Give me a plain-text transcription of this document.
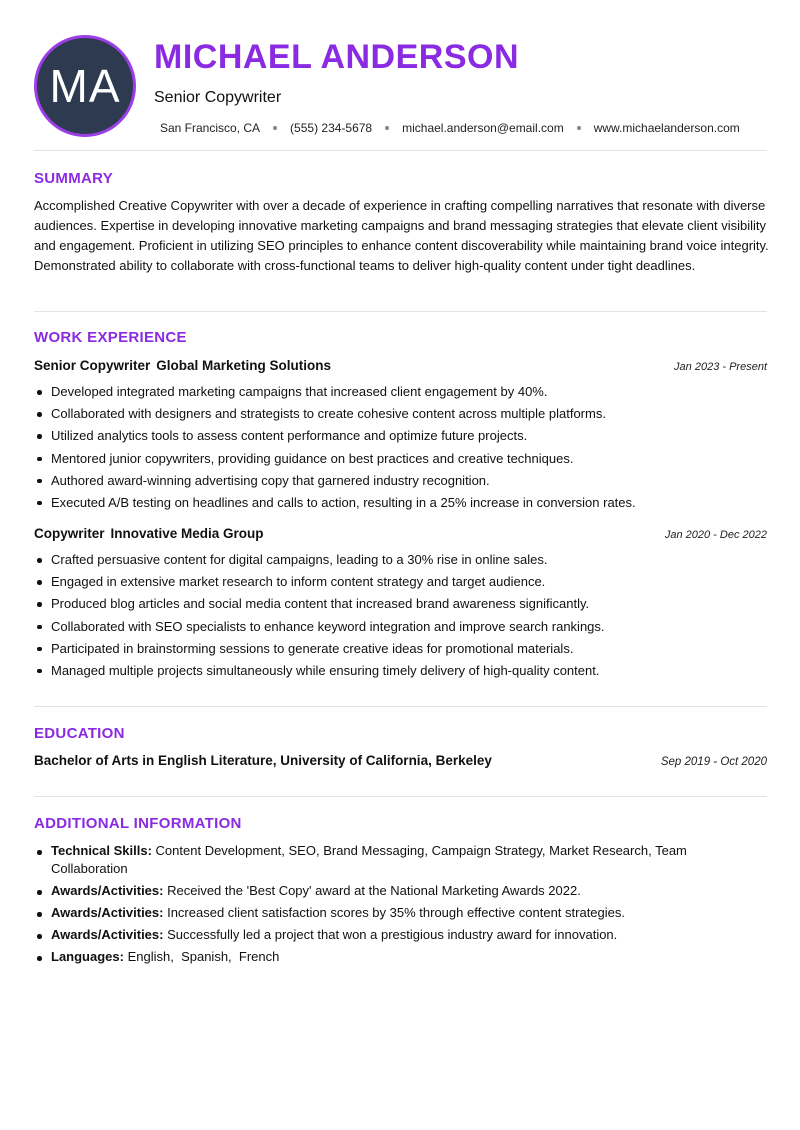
MA
MICHAEL ANDERSON
Senior Copywriter
San Francisco, CA	(555) 234-5678	michael.anderson@email.com	www.michaelanderson.com
SUMMARY
Accomplished Creative Copywriter with over a decade of experience in crafting compelling narratives that resonate with diverse audiences. Expertise in developing innovative marketing campaigns and brand messaging strategies that elevate client visibility and engagement. Proficient in utilizing SEO principles to enhance content discoverability while maintaining brand voice integrity. Demonstrated ability to collaborate with cross-functional teams to deliver high-quality content under tight deadlines.
WORK EXPERIENCE
Senior Copywriter Global Marketing Solutions	Jan 2023 - Present
Developed integrated marketing campaigns that increased client engagement by 40%.
Collaborated with designers and strategists to create cohesive content across multiple platforms.
Utilized analytics tools to assess content performance and optimize future projects.
Mentored junior copywriters, providing guidance on best practices and creative techniques.
Authored award-winning advertising copy that garnered industry recognition.
Executed A/B testing on headlines and calls to action, resulting in a 25% increase in conversion rates.
Copywriter Innovative Media Group	Jan 2020 - Dec 2022
Crafted persuasive content for digital campaigns, leading to a 30% rise in online sales.
Engaged in extensive market research to inform content strategy and target audience.
Produced blog articles and social media content that increased brand awareness significantly.
Collaborated with SEO specialists to enhance keyword integration and improve search rankings.
Participated in brainstorming sessions to generate creative ideas for promotional materials.
Managed multiple projects simultaneously while ensuring timely delivery of high-quality content.
EDUCATION
Bachelor of Arts in English Literature, University of California, Berkeley	Sep 2019 - Oct 2020
ADDITIONAL INFORMATION
Technical Skills: Content Development, SEO, Brand Messaging, Campaign Strategy, Market Research, Team Collaboration
Awards/Activities: Received the 'Best Copy' award at the National Marketing Awards 2022.
Awards/Activities: Increased client satisfaction scores by 35% through effective content strategies.
Awards/Activities: Successfully led a project that won a prestigious industry award for innovation.
Languages: English,  Spanish,  French
